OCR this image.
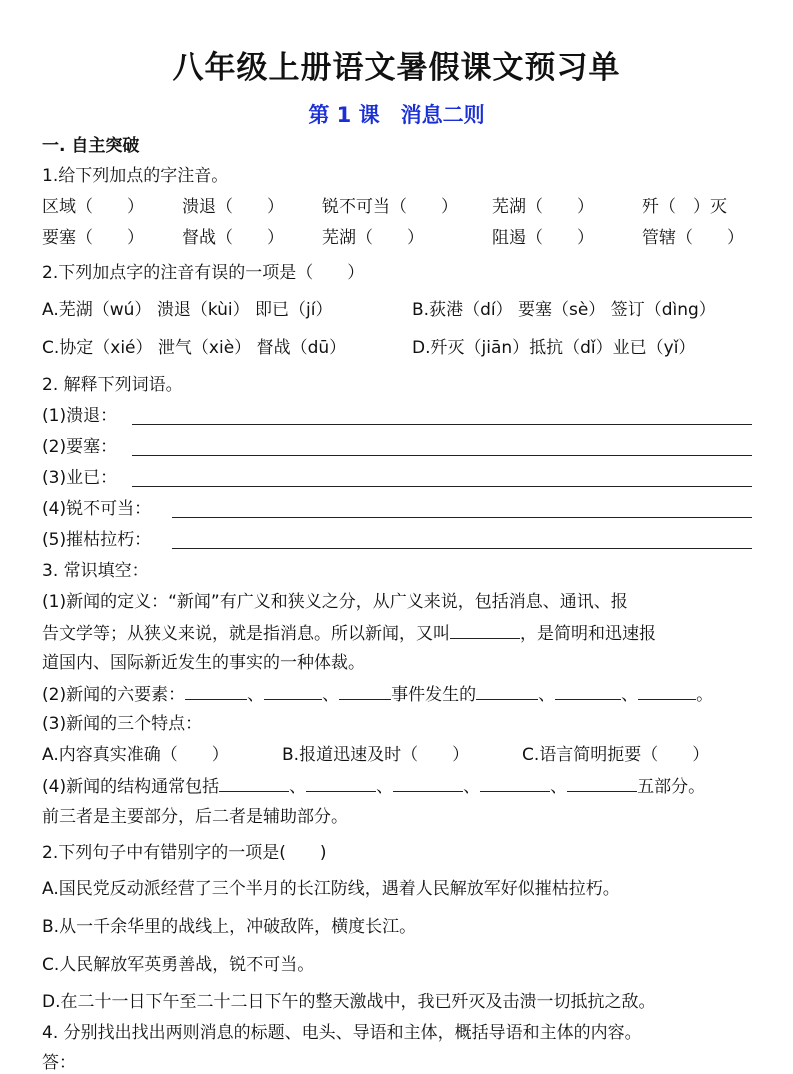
八年级上册语文暑假课文预习单
第 1 课　消息二则
一. 自主突破
1.给下列加点的字注音。
区域（　　） 溃退（　　） 锐不可当（　　） 芜湖（　　）	歼（　）灭
要塞（　　） 督战（　　） 芜湖（　　）	阻遏（　　）	管辖（　　）
2.下列加点字的注音有误的一项是（　　）
A.芜湖（wú） 溃退（kùi） 即已（jí）	B.荻港（dí） 要塞（sè） 签订（dìng）
C.协定（xié） 泄气（xiè） 督战（dū）	D.歼灭（jiān）抵抗（dǐ）业已（yǐ）
2. 解释下列词语。
(1)溃退：
(2)要塞：
(3)业已：
(4)锐不可当：
(5)摧枯拉朽：
3. 常识填空：
(1)新闻的定义：“新闻”有广义和狭义之分，从广义来说，包括消息、通讯、报
告文学等；从狭义来说，就是指消息。所以新闻，又叫	，是简明和迅速报
道国内、国际新近发生的事实的一种体裁。
(2)新闻的六要素：	、	、	事件发生的	、	、	。
(3)新闻的三个特点：
A.内容真实准确（　　）	B.报道迅速及时（　　）	C.语言简明扼要（　　）
(4)新闻的结构通常包括	、	、	、	、	五部分。
前三者是主要部分，后二者是辅助部分。
2.下列句子中有错别字的一项是(　　)
A.国民党反动派经营了三个半月的长江防线，遇着人民解放军好似摧枯拉朽。
B.从一千余华里的战线上，冲破敌阵，横度长江。
C.人民解放军英勇善战，锐不可当。
D.在二十一日下午至二十二日下午的整天激战中，我已歼灭及击溃一切抵抗之敌。
4. 分别找出找出两则消息的标题、电头、导语和主体，概括导语和主体的内容。
答：
